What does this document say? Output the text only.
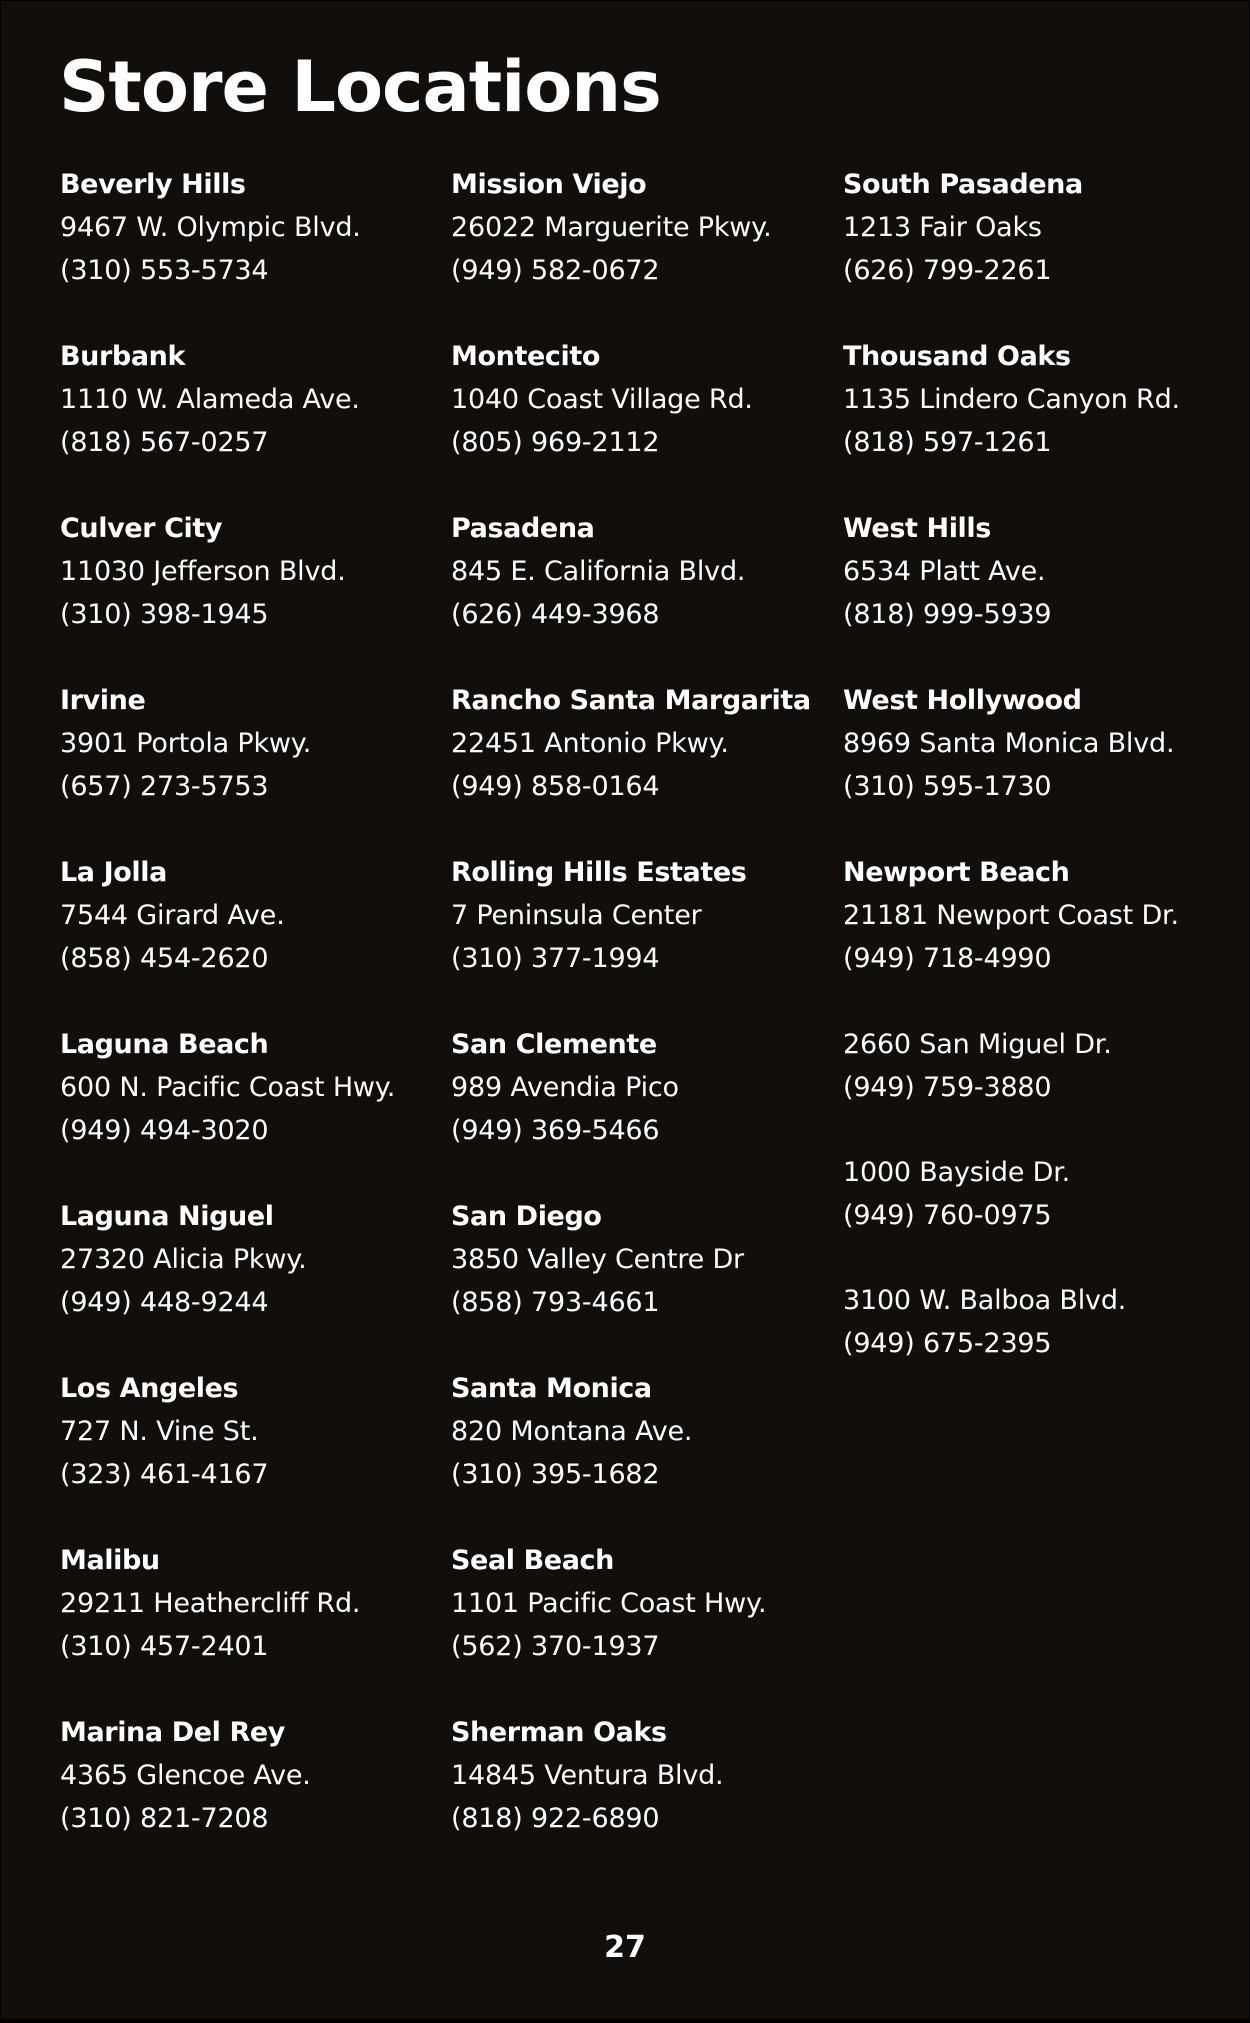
Store Locations
Beverly Hills
9467 W. Olympic Blvd.
(310) 553-5734
Burbank
1110 W. Alameda Ave.
(818) 567-0257
Culver City
11030 Jefferson Blvd.
(310) 398-1945
Irvine
3901 Portola Pkwy.
(657) 273-5753
La Jolla
7544 Girard Ave.
(858) 454-2620
Laguna Beach
600 N. Pacific Coast Hwy.
(949) 494-3020
Laguna Niguel
27320 Alicia Pkwy.
(949) 448-9244
Los Angeles
727 N. Vine St.
(323) 461-4167
Malibu
29211 Heathercliff Rd.
(310) 457-2401
Marina Del Rey
4365 Glencoe Ave.
(310) 821-7208
Mission Viejo
26022 Marguerite Pkwy.
(949) 582-0672
Montecito
1040 Coast Village Rd.
(805) 969-2112
Pasadena
845 E. California Blvd.
(626) 449-3968
Rancho Santa Margarita
22451 Antonio Pkwy.
(949) 858-0164
Rolling Hills Estates
7 Peninsula Center
(310) 377-1994
San Clemente
989 Avendia Pico
(949) 369-5466
San Diego
3850 Valley Centre Dr
(858) 793-4661
Santa Monica
820 Montana Ave.
(310) 395-1682
Seal Beach
1101 Pacific Coast Hwy.
(562) 370-1937
Sherman Oaks
14845 Ventura Blvd.
(818) 922-6890
South Pasadena
1213 Fair Oaks
(626) 799-2261
Thousand Oaks
1135 Lindero Canyon Rd.
(818) 597-1261
West Hills
6534 Platt Ave.
(818) 999-5939
West Hollywood
8969 Santa Monica Blvd.
(310) 595-1730
Newport Beach
21181 Newport Coast Dr.
(949) 718-4990
2660 San Miguel Dr.
(949) 759-3880
1000 Bayside Dr.
(949) 760-0975
3100 W. Balboa Blvd.
(949) 675-2395
27
